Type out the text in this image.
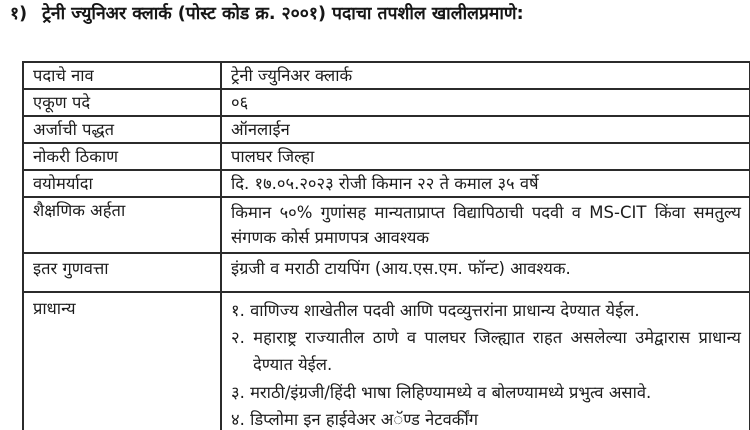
१) ट्रेनी ज्युनिअर क्लार्क (पोस्ट कोड क्र. २००१) पदाचा तपशील खालीलप्रमाणे:
पदाचे नाव	ट्रेनी ज्युनिअर क्लार्क
एकूण पदे	०६
अर्जाची पद्धत	ऑनलाईन
नोकरी ठिकाण	पालघर जिल्हा
वयोमर्यादा	दि. १७.०५.२०२३ रोजी किमान २२ ते कमाल ३५ वर्षे
शैक्षणिक अर्हता	किमान ५०% गुणांसह मान्यताप्राप्त विद्यापिठाची पदवी व MS-CIT किंवा समतुल्य संगणक कोर्स प्रमाणपत्र आवश्यक
इतर गुणवत्ता	इंग्रजी व मराठी टायपिंग (आय.एस.एम. फॉन्ट) आवश्यक.
प्राधान्य	१. वाणिज्य शाखेतील पदवी आणि पदव्युत्तरांना प्राधान्य देण्यात येईल.
२. महाराष्ट्र राज्यातील ठाणे व पालघर जिल्ह्यात राहत असलेल्या उमेद्वारास प्राधान्य देण्यात येईल.
३. मराठी/इंग्रजी/हिंदी भाषा लिहिण्यामध्ये व बोलण्यामध्ये प्रभुत्व असावे.
४. डिप्लोमा इन हाईवेअर अॅण्ड नेटवर्कींग
